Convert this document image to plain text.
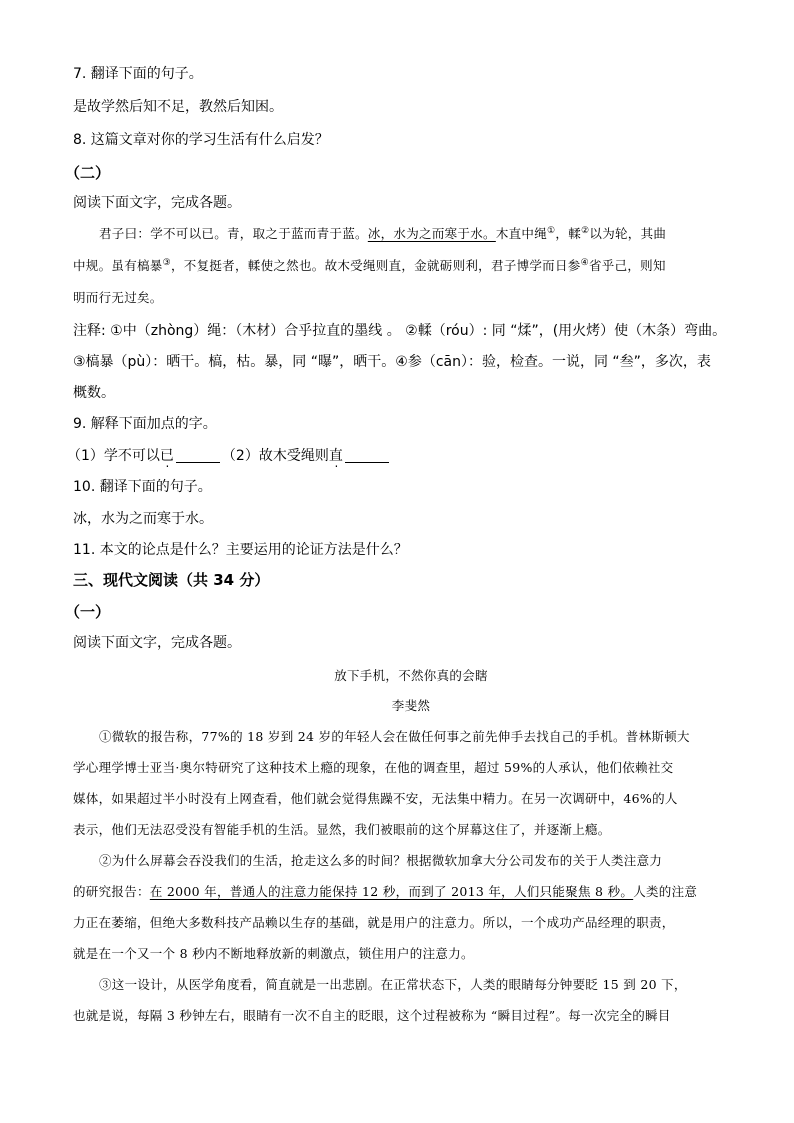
7. 翻译下面的句子。
是故学然后知不足，教然后知困。
8. 这篇文章对你的学习生活有什么启发？
（二）
阅读下面文字，完成各题。
君子曰：学不可以已。青，取之于蓝而青于蓝。冰，水为之而寒于水。木直中绳①，輮②以为轮，其曲
中规。虽有槁暴③，不复挺者，輮使之然也。故木受绳则直，金就砺则利，君子博学而日参④省乎己，则知
明而行无过矣。
注释: ①中（zhòng）绳：（木材）合乎拉直的墨线 。 ②輮（róu）: 同 “煣”，(用火烤）使（木条）弯曲。
③槁暴（pù）：晒干。槁，枯。暴，同 “曝”，晒干。④参（cān）：验，检查。一说，同 “叁”，多次，表
概数。
9. 解释下面加点的字。
（1）学不可以已	（2）故木受绳则直
10. 翻译下面的句子。
冰，水为之而寒于水。
11. 本文的论点是什么？主要运用的论证方法是什么？
三、现代文阅读（共 34 分）
（一）
阅读下面文字，完成各题。
放下手机，不然你真的会瞎
李斐然
①微软的报告称，77%的 18 岁到 24 岁的年轻人会在做任何事之前先伸手去找自己的手机。普林斯顿大
学心理学博士亚当·奥尔特研究了这种技术上瘾的现象，在他的调查里，超过 59%的人承认，他们依赖社交
媒体，如果超过半小时没有上网查看，他们就会觉得焦躁不安，无法集中精力。在另一次调研中，46%的人
表示，他们无法忍受没有智能手机的生活。显然，我们被眼前的这个屏幕这住了，并逐渐上瘾。
②为什么屏幕会吞没我们的生活，抢走这么多的时间？根据微软加拿大分公司发布的关于人类注意力
的研究报告：在 2000 年，普通人的注意力能保持 12 秒，而到了 2013 年，人们只能聚焦 8 秒。人类的注意
力正在萎缩，但绝大多数科技产品赖以生存的基础，就是用户的注意力。所以，一个成功产品经理的职责，
就是在一个又一个 8 秒内不断地释放新的刺激点，锁住用户的注意力。
③这一设计，从医学角度看，简直就是一出悲剧。在正常状态下，人类的眼睛每分钟要眨 15 到 20 下，
也就是说，每隔 3 秒钟左右，眼睛有一次不自主的眨眼，这个过程被称为 “瞬目过程”。每一次完全的瞬目
